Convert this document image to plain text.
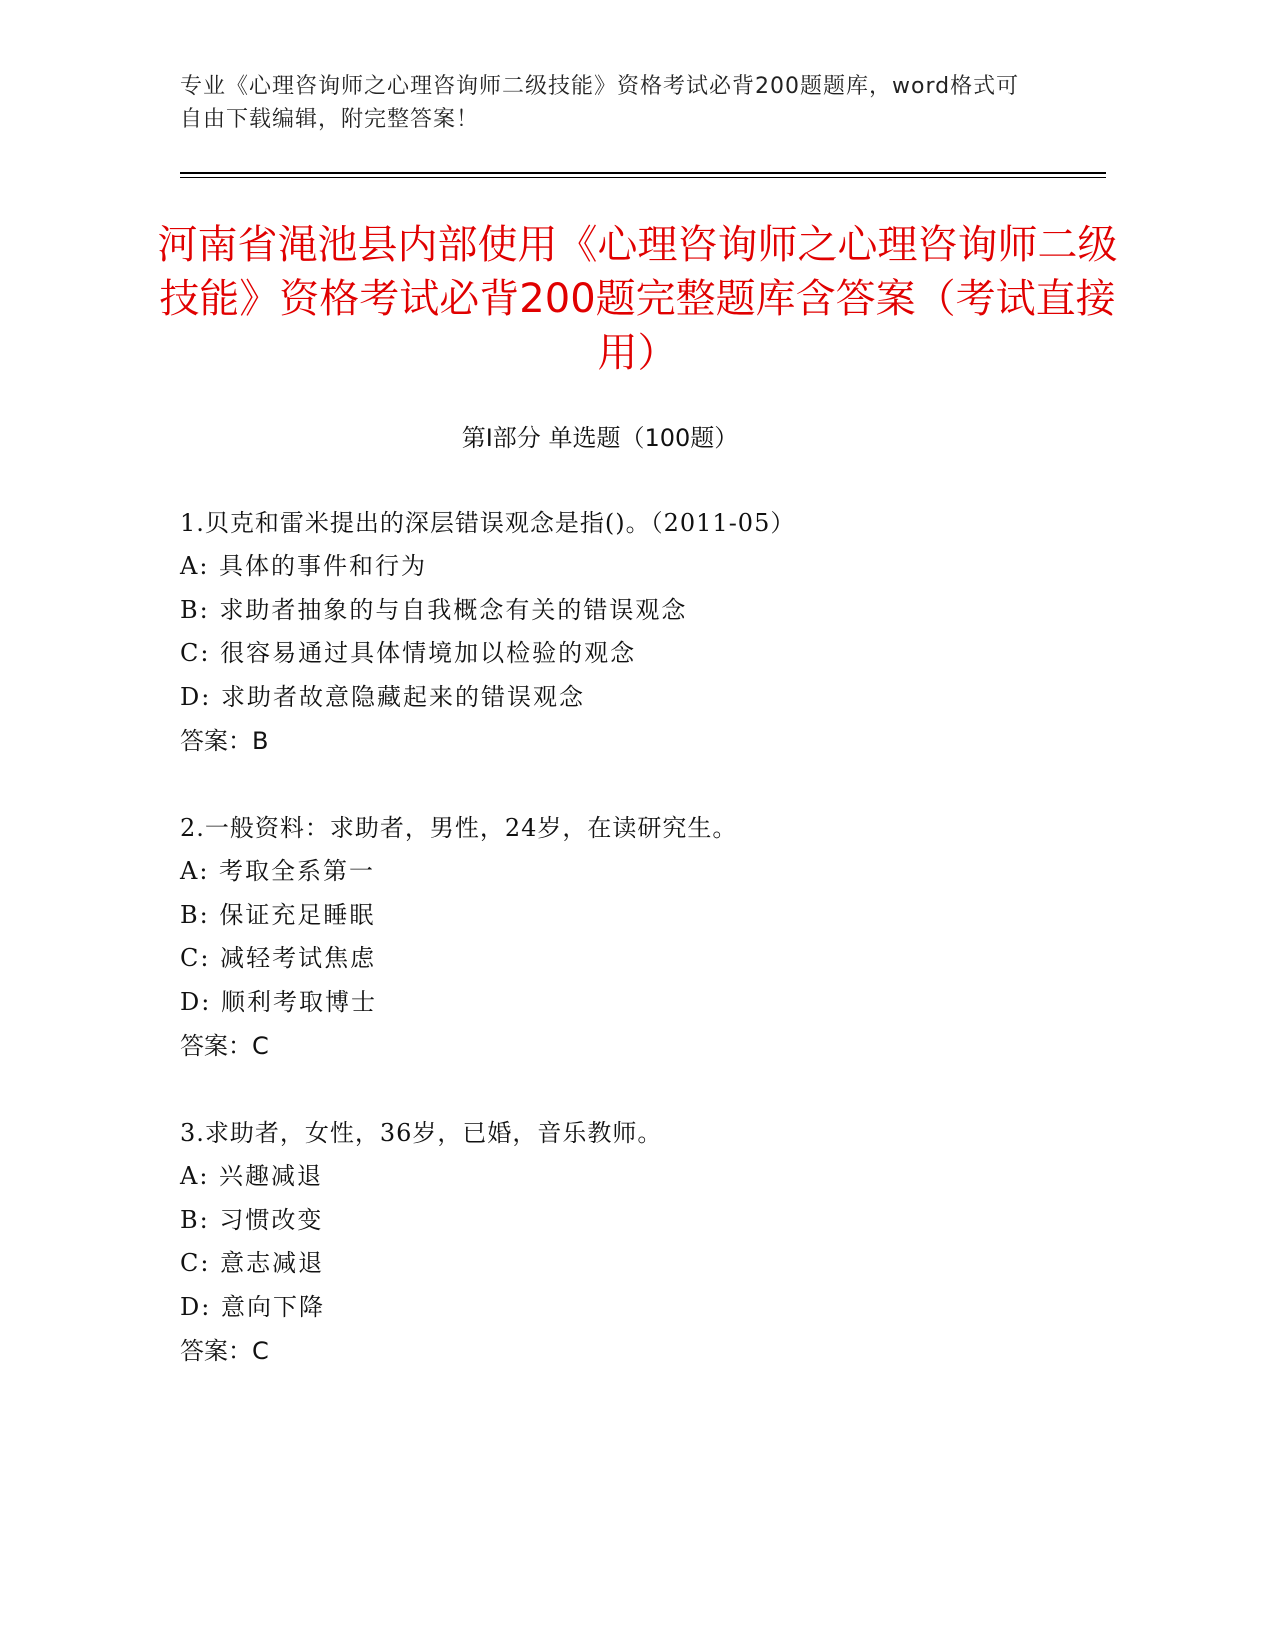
专业《心理咨询师之心理咨询师二级技能》资格考试必背200题题库，word格式可自由下载编辑，附完整答案！

河南省渑池县内部使用《心理咨询师之心理咨询师二级技能》资格考试必背200题完整题库含答案（考试直接用）
第Ⅰ部分 单选题（100题）
1.贝克和雷米提出的深层错误观念是指()。（2011-05）
A: 具体的事件和行为
B: 求助者抽象的与自我概念有关的错误观念
C: 很容易通过具体情境加以检验的观念
D: 求助者故意隐藏起来的错误观念
答案：B
2.一般资料：求助者，男性，24岁，在读研究生。
A: 考取全系第一
B: 保证充足睡眠
C: 减轻考试焦虑
D: 顺利考取博士
答案：C
3.求助者，女性，36岁，已婚，音乐教师。
A: 兴趣减退
B: 习惯改变
C: 意志减退
D: 意向下降
答案：C
